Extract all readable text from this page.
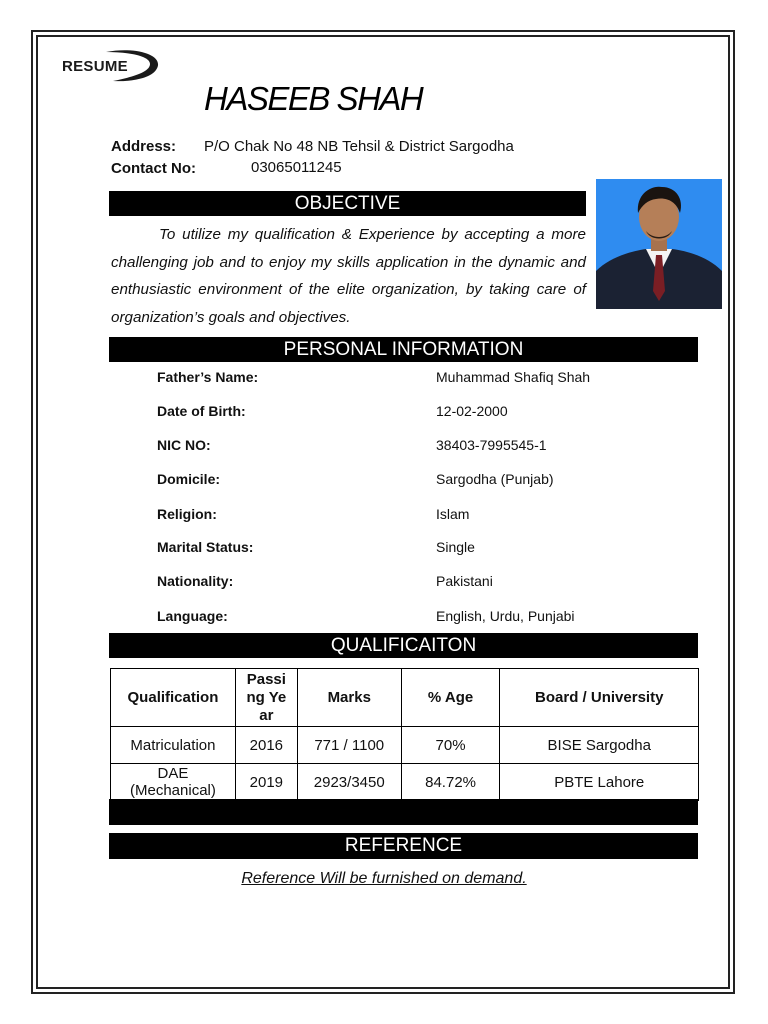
RESUME
HASEEB SHAH
Address: P/O Chak No 48 NB Tehsil & District Sargodha
Contact No:	03065011245
OBJECTIVE
To utilize my qualification & Experience by accepting a more challenging job and to enjoy my skills application in the dynamic and enthusiastic environment of the elite organization, by taking care of organization’s goals and objectives.
PERSONAL INFORMATION
Father’s Name:	Muhammad Shafiq Shah
Date of Birth:	12-02-2000
NIC NO:	38403-7995545-1
Domicile:	Sargodha (Punjab)
Religion:	Islam
Marital Status:	Single
Nationality:	Pakistani
Language:	English, Urdu, Punjabi
QUALIFICAITON
Qualification	Passi ng Year	Marks	% Age	Board / University
Matriculation	2016	771 / 1100	70%	BISE Sargodha

DAE (Mechanical)	2019	2923/3450	84.72%	PBTE Lahore
REFERENCE
Reference Will be furnished on demand.
